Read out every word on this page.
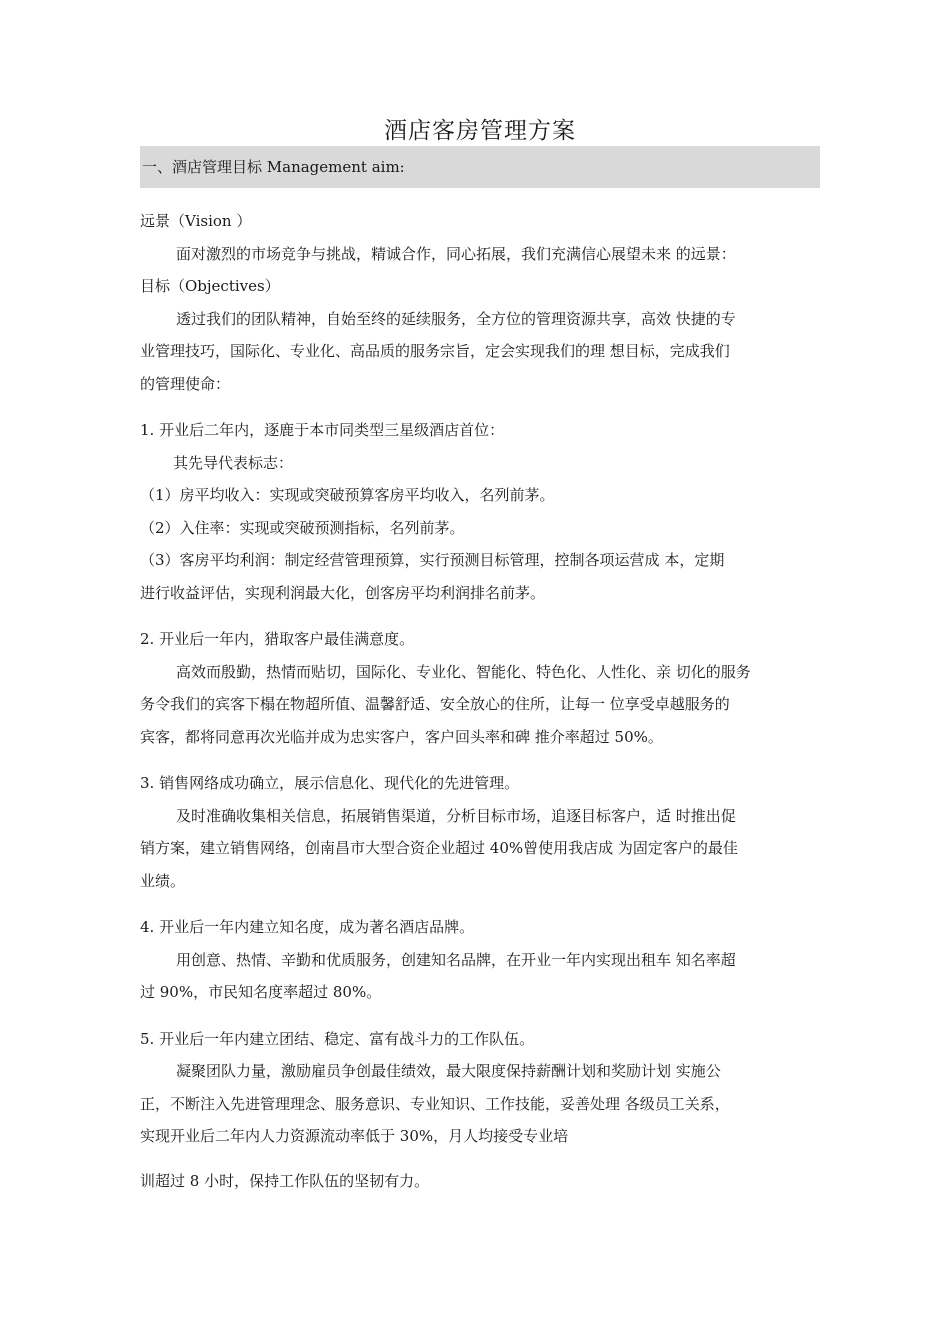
酒店客房管理方案
一、酒店管理目标 Management aim:
远景（Vision ）
面对激烈的市场竞争与挑战，精诚合作，同心拓展，我们充满信心展望未来 的远景：
目标（Objectives）
透过我们的团队精神，自始至终的延续服务，全方位的管理资源共享，高效 快捷的专
业管理技巧，国际化、专业化、高品质的服务宗旨，定会实现我们的理 想目标，完成我们
的管理使命：
1. 开业后二年内，逐鹿于本市同类型三星级酒店首位：
其先导代表标志：
（1）房平均收入：实现或突破预算客房平均收入，名列前茅。
（2）入住率：实现或突破预测指标，名列前茅。
（3）客房平均利润：制定经营管理预算，实行预测目标管理，控制各项运营成 本，定期
进行收益评估，实现利润最大化，创客房平均利润排名前茅。
2. 开业后一年内，猎取客户最佳满意度。
高效而殷勤，热情而贴切，国际化、专业化、智能化、特色化、人性化、亲 切化的服务
务令我们的宾客下榻在物超所值、温馨舒适、安全放心的住所，让每一 位享受卓越服务的
宾客，都将同意再次光临并成为忠实客户，客户回头率和碑 推介率超过 50%。
3. 销售网络成功确立，展示信息化、现代化的先进管理。
及时准确收集相关信息，拓展销售渠道，分析目标市场，追逐目标客户，适 时推出促
销方案，建立销售网络，创南昌市大型合资企业超过 40%曾使用我店成 为固定客户的最佳
业绩。
4. 开业后一年内建立知名度，成为著名酒店品牌。
用创意、热情、辛勤和优质服务，创建知名品牌，在开业一年内实现出租车 知名率超
过 90%，市民知名度率超过 80%。
5. 开业后一年内建立团结、稳定、富有战斗力的工作队伍。
凝聚团队力量，激励雇员争创最佳绩效，最大限度保持薪酬计划和奖励计划 实施公
正，不断注入先进管理理念、服务意识、专业知识、工作技能，妥善处理 各级员工关系，
实现开业后二年内人力资源流动率低于 30%，月人均接受专业培
训超过 8 小时，保持工作队伍的坚韧有力。
